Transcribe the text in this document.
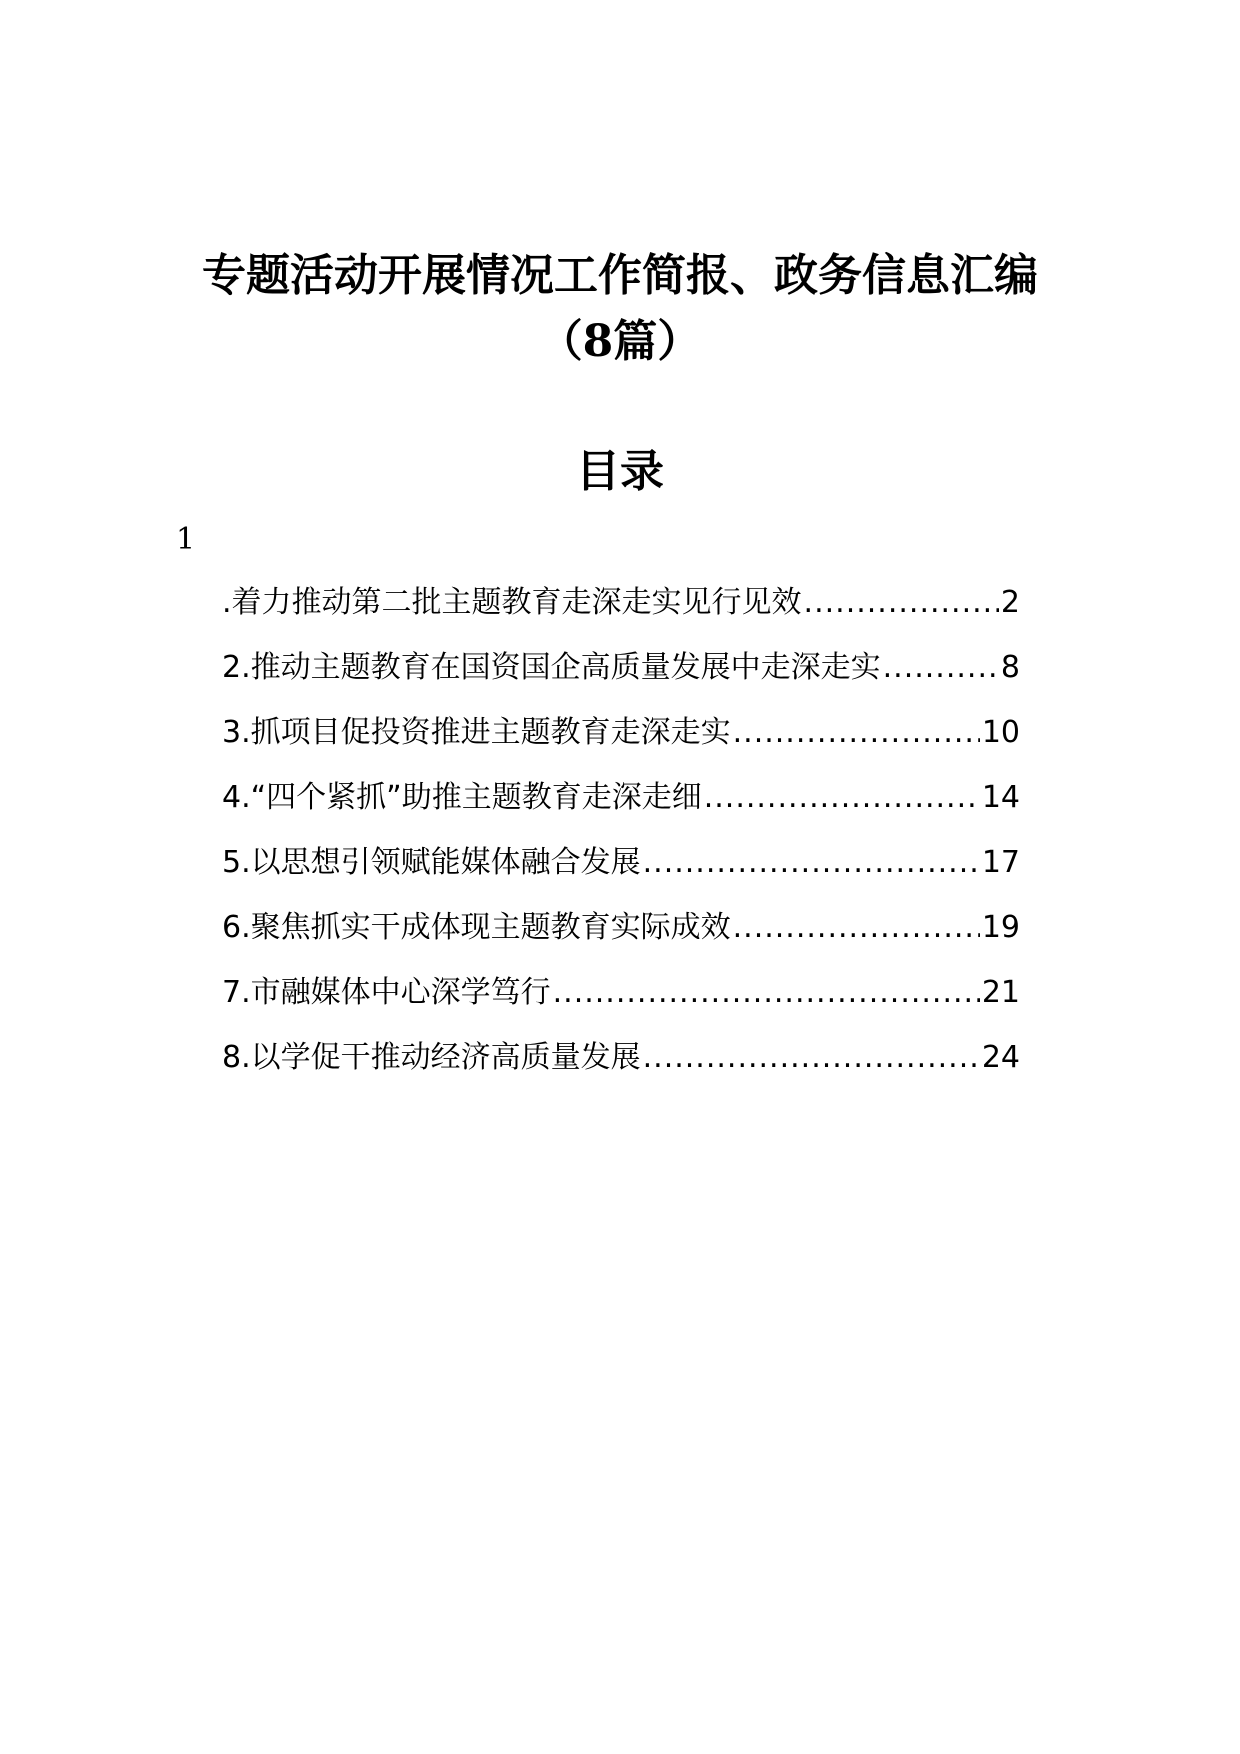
专题活动开展情况工作简报、政务信息汇编
（8篇）
目录
1
.着力推动第二批主题教育走深走实见行见效 .....	2
2.推动主题教育在国资国企高质量发展中走深走实 .....	8
3.抓项目促投资推进主题教育走深走实 .....	10
4.“四个紧抓”助推主题教育走深走细 .....	14
5.以思想引领赋能媒体融合发展 .....	17
6.聚焦抓实干成体现主题教育实际成效 .....	19
7.市融媒体中心深学笃行 .....	21
8.以学促干推动经济高质量发展 .....	24
